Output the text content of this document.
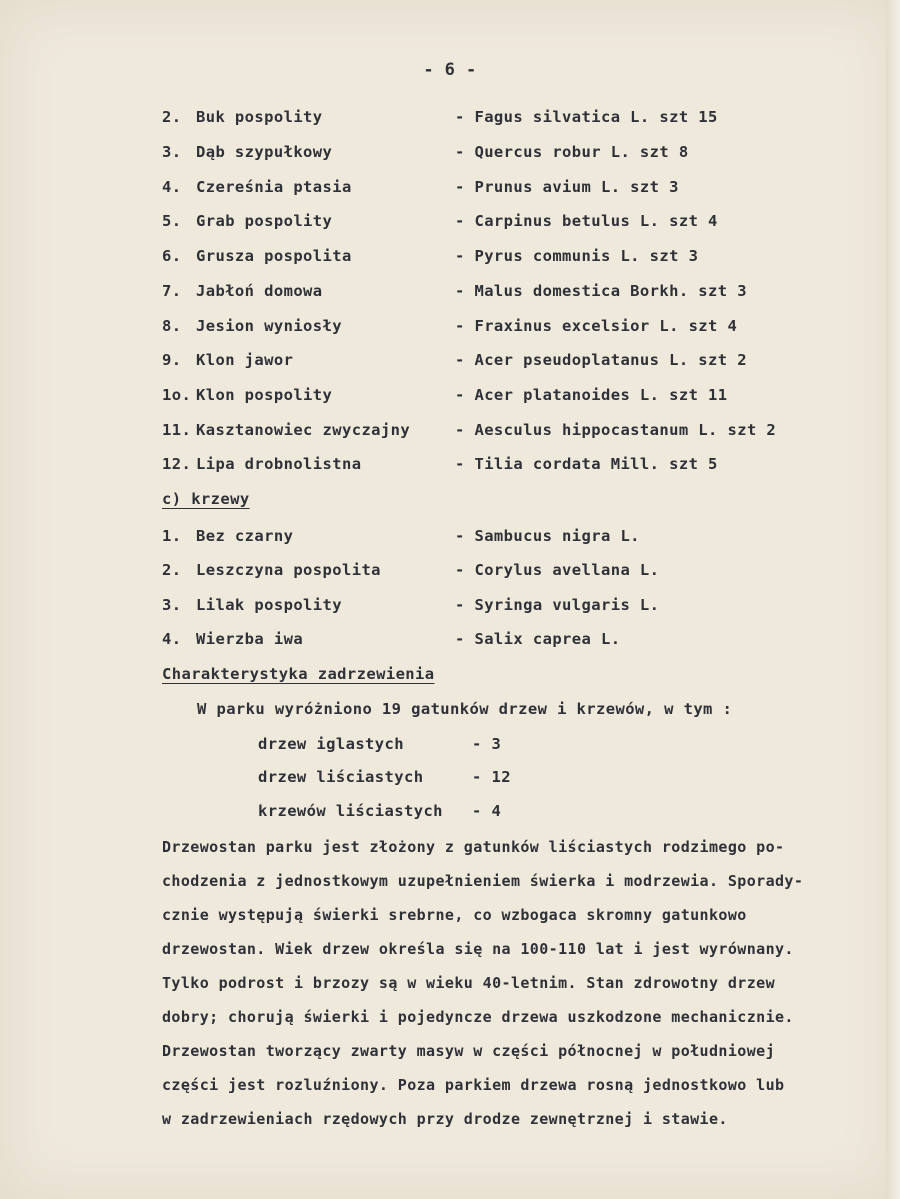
- 6 -
2. Buk pospolity	- Fagus silvatica L. szt 15
3. Dąb szypułkowy	- Quercus robur L. szt 8
4. Czereśnia ptasia	- Prunus avium L. szt 3
5. Grab pospolity	- Carpinus betulus L. szt 4
6. Grusza pospolita	- Pyrus communis L. szt 3
7. Jabłoń domowa	- Malus domestica Borkh. szt 3
8. Jesion wyniosły	- Fraxinus excelsior L. szt 4
9. Klon jawor	- Acer pseudoplatanus L. szt 2
1o. Klon pospolity	- Acer platanoides L. szt 11
11. Kasztanowiec zwyczajny	- Aesculus hippocastanum L. szt 2
12. Lipa drobnolistna	- Tilia cordata Mill. szt 5
c) krzewy
1. Bez czarny	- Sambucus nigra L.
2. Leszczyna pospolita	- Corylus avellana L.
3. Lilak pospolity	- Syringa vulgaris L.
4. Wierzba iwa	- Salix caprea L.
Charakterystyka zadrzewienia
W parku wyróżniono 19 gatunków drzew i krzewów, w tym :
drzew iglastych	- 3
drzew liściastych	- 12
krzewów liściastych - 4
Drzewostan parku jest złożony z gatunków liściastych rodzimego po-
chodzenia z jednostkowym uzupełnieniem świerka i modrzewia. Sporady-
cznie występują świerki srebrne, co wzbogaca skromny gatunkowo
drzewostan. Wiek drzew określa się na 100-110 lat i jest wyrównany.
Tylko podrost i brzozy są w wieku 40-letnim. Stan zdrowotny drzew
dobry; chorują świerki i pojedyncze drzewa uszkodzone mechanicznie.
Drzewostan tworzący zwarty masyw w części północnej w południowej
części jest rozluźniony. Poza parkiem drzewa rosną jednostkowo lub
w zadrzewieniach rzędowych przy drodze zewnętrznej i stawie.
